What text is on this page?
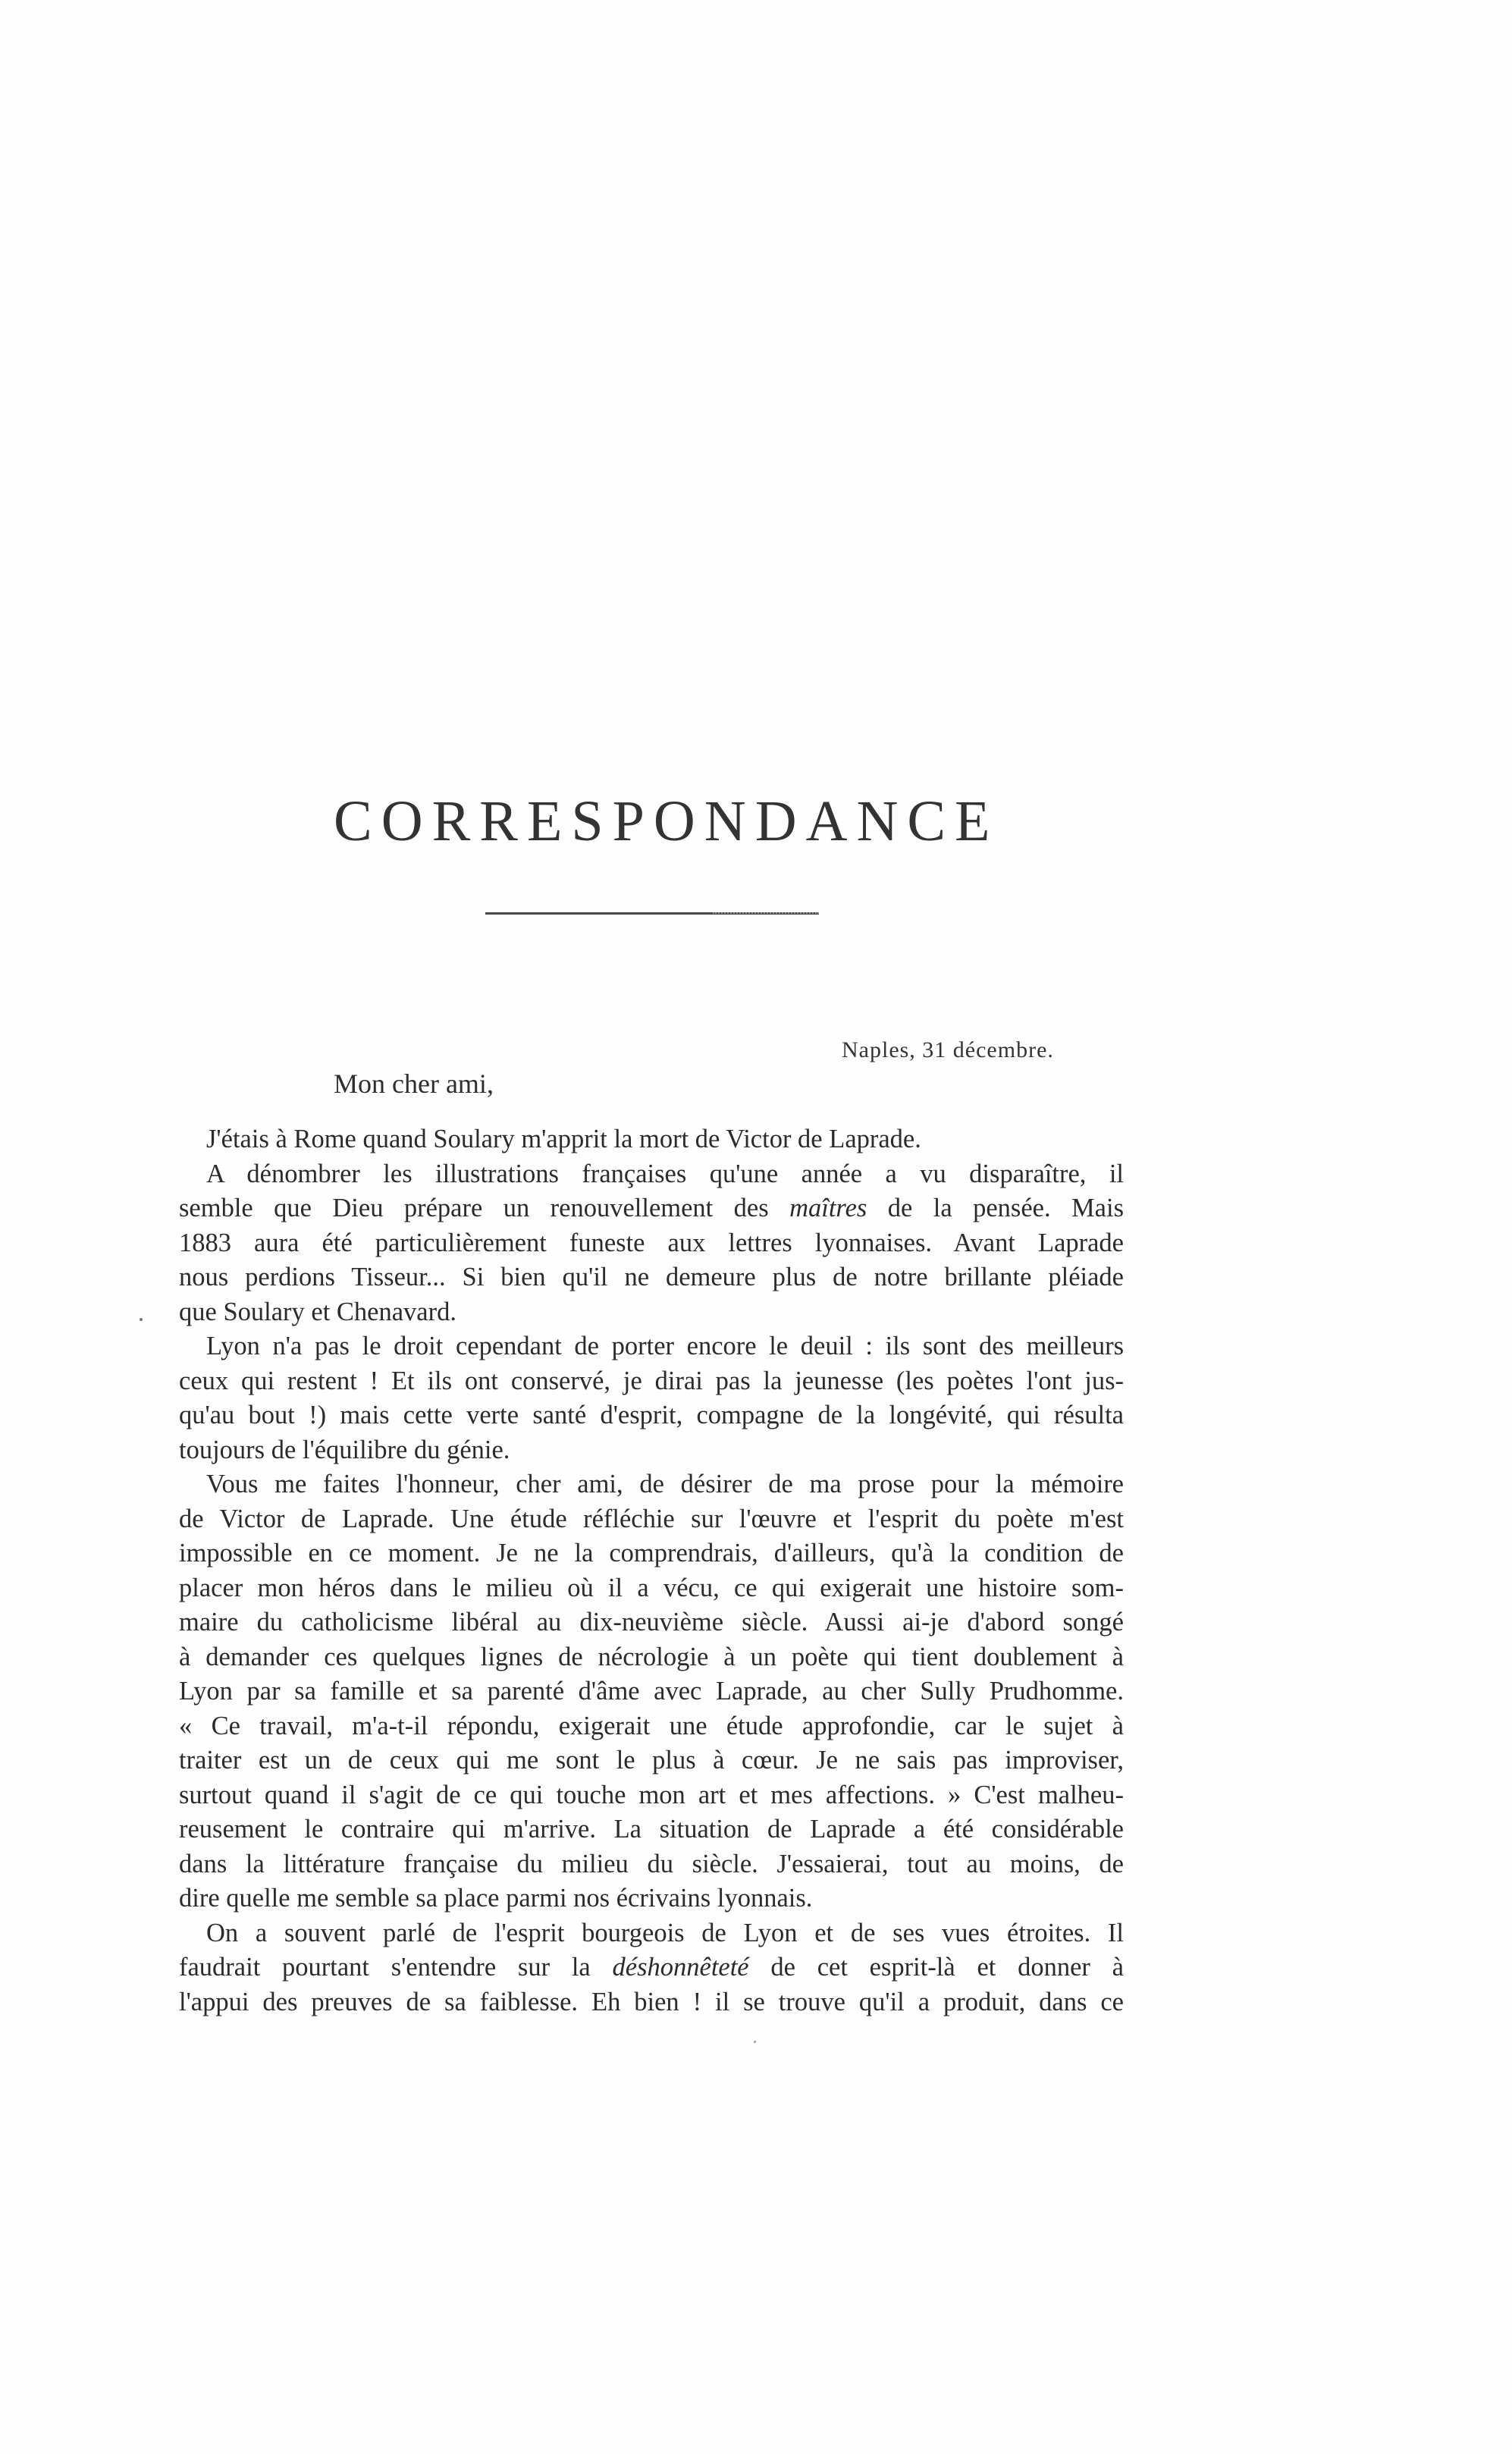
CORRESPONDANCE
Naples, 31 décembre.
Mon cher ami,
J'étais à Rome quand Soulary m'apprit la mort de Victor de Laprade.
A dénombrer les illustrations françaises qu'une année a vu disparaître, il
semble que Dieu prépare un renouvellement des maîtres de la pensée. Mais
1883 aura été particulièrement funeste aux lettres lyonnaises. Avant Laprade
nous perdions Tisseur... Si bien qu'il ne demeure plus de notre brillante pléiade
que Soulary et Chenavard.
Lyon n'a pas le droit cependant de porter encore le deuil : ils sont des meilleurs
ceux qui restent ! Et ils ont conservé, je dirai pas la jeunesse (les poètes l'ont jus-
qu'au bout !) mais cette verte santé d'esprit, compagne de la longévité, qui résulta
toujours de l'équilibre du génie.
Vous me faites l'honneur, cher ami, de désirer de ma prose pour la mémoire
de Victor de Laprade. Une étude réfléchie sur l'œuvre et l'esprit du poète m'est
impossible en ce moment. Je ne la comprendrais, d'ailleurs, qu'à la condition de
placer mon héros dans le milieu où il a vécu, ce qui exigerait une histoire som-
maire du catholicisme libéral au dix-neuvième siècle. Aussi ai-je d'abord songé
à demander ces quelques lignes de nécrologie à un poète qui tient doublement à
Lyon par sa famille et sa parenté d'âme avec Laprade, au cher Sully Prudhomme.
« Ce travail, m'a-t-il répondu, exigerait une étude approfondie, car le sujet à
traiter est un de ceux qui me sont le plus à cœur. Je ne sais pas improviser,
surtout quand il s'agit de ce qui touche mon art et mes affections. » C'est malheu-
reusement le contraire qui m'arrive. La situation de Laprade a été considérable
dans la littérature française du milieu du siècle. J'essaierai, tout au moins, de
dire quelle me semble sa place parmi nos écrivains lyonnais.
On a souvent parlé de l'esprit bourgeois de Lyon et de ses vues étroites. Il
faudrait pourtant s'entendre sur la déshonnêteté de cet esprit-là et donner à
l'appui des preuves de sa faiblesse. Eh bien ! il se trouve qu'il a produit, dans ce
